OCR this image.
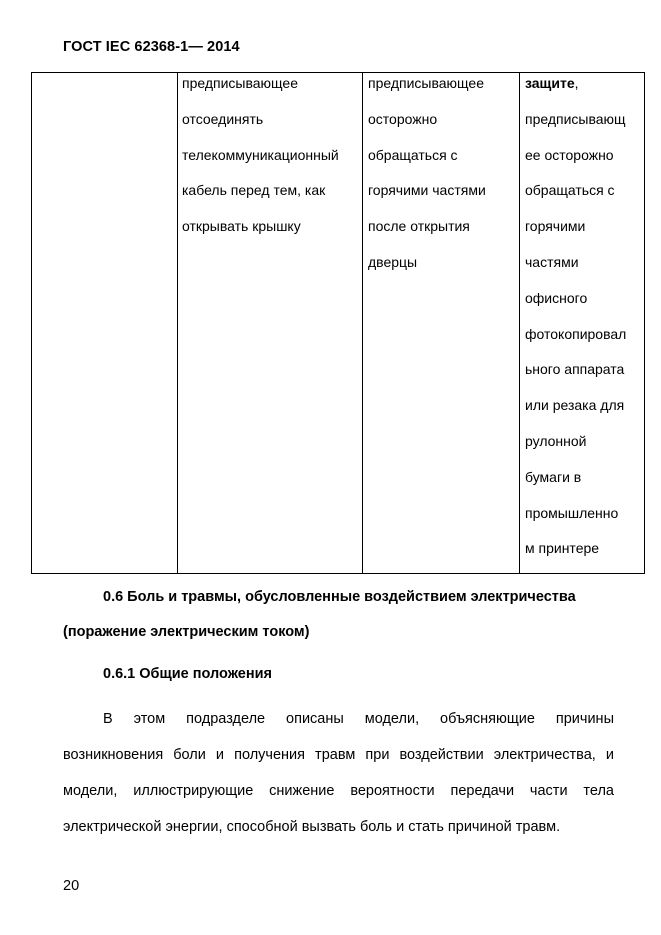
ГОСТ IEC 62368-1— 2014
предписывающее
отсоединять
телекоммуникационный
кабель перед тем, как
открывать крышку
предписывающее
осторожно
обращаться с
горячими частями
после открытия
дверцы
защите,
предписывающ
ее осторожно
обращаться с
горячими
частями
офисного
фотокопировал
ьного аппарата
или резака для
рулонной
бумаги в
промышленно
м принтере
0.6 Боль и травмы, обусловленные воздействием электричества
(поражение электрическим током)
0.6.1 Общие положения
В этом подразделе описаны модели, объясняющие причины
возникновения боли и получения травм при воздействии электричества, и
модели, иллюстрирующие снижение вероятности передачи части тела
электрической энергии, способной вызвать боль и стать причиной травм.
20
